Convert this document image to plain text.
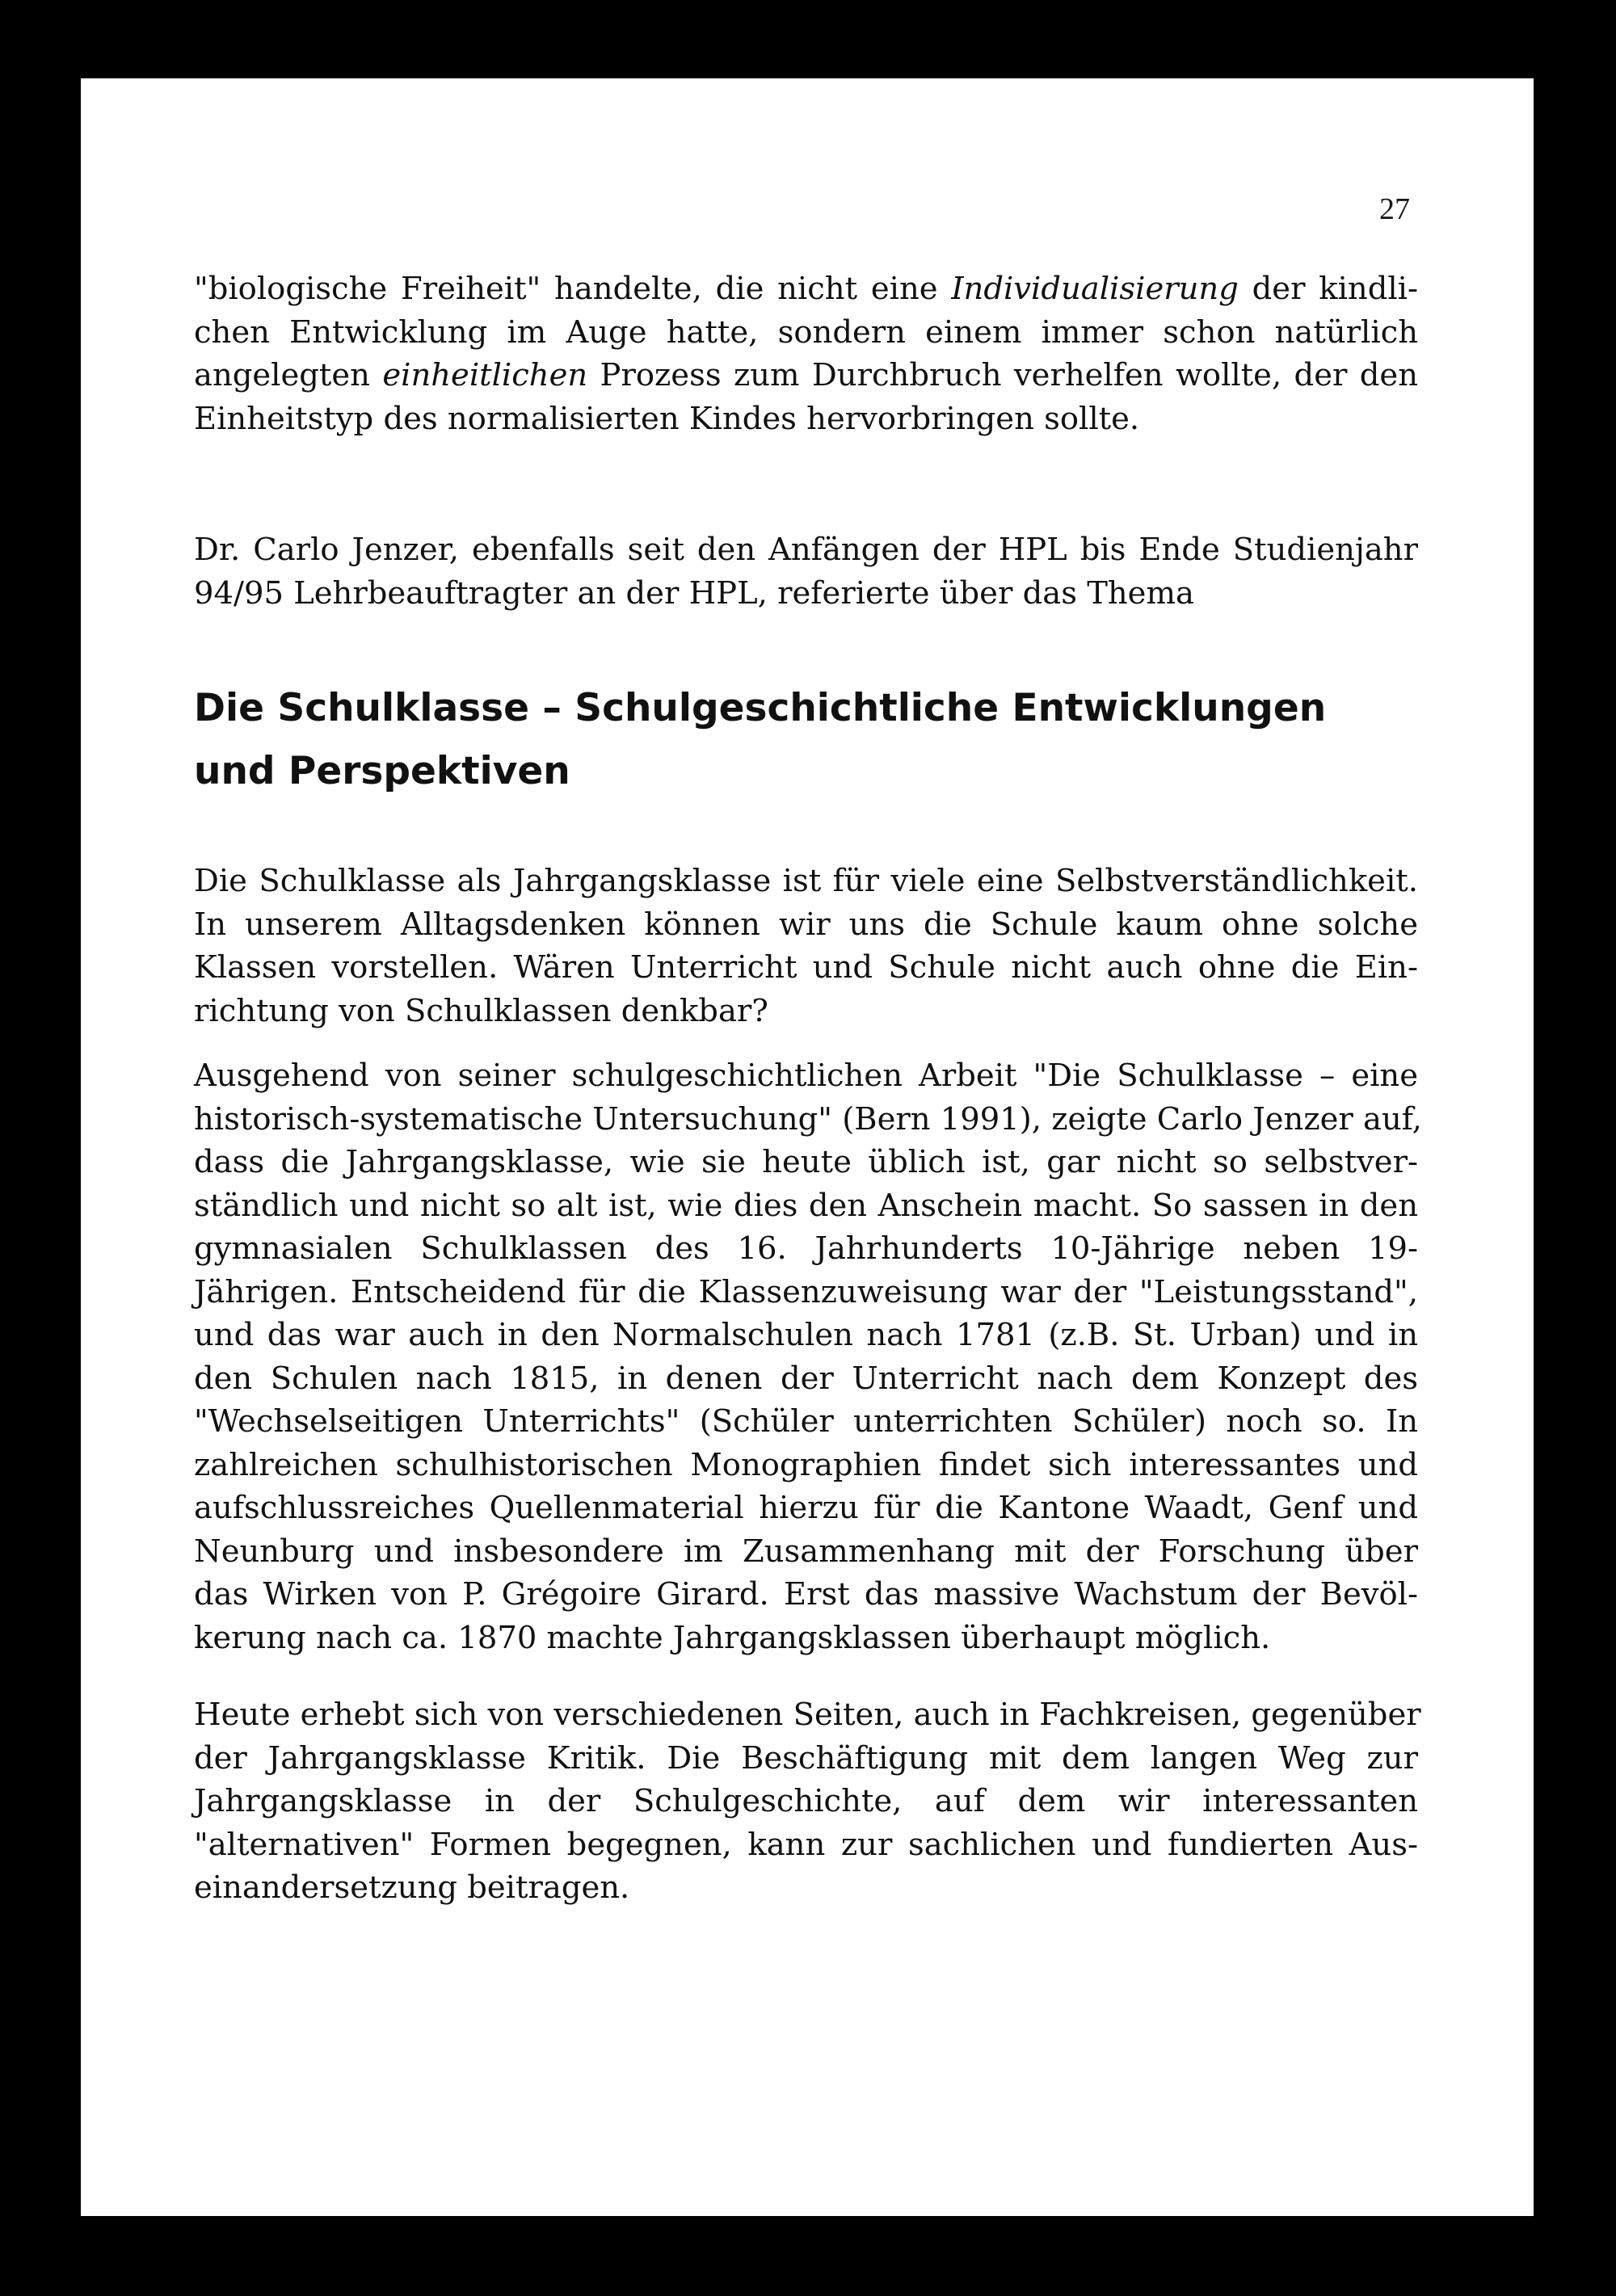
27
"biologische Freiheit" handelte, die nicht eine Individualisierung der kindli-
chen Entwicklung im Auge hatte, sondern einem immer schon natürlich
angelegten einheitlichen Prozess zum Durchbruch verhelfen wollte, der den
Einheitstyp des normalisierten Kindes hervorbringen sollte.
Dr. Carlo Jenzer, ebenfalls seit den Anfängen der HPL bis Ende Studienjahr
94/95 Lehrbeauftragter an der HPL, referierte über das Thema
Die Schulklasse – Schulgeschichtliche Entwicklungen
und Perspektiven
Die Schulklasse als Jahrgangsklasse ist für viele eine Selbstverständlichkeit.
In unserem Alltagsdenken können wir uns die Schule kaum ohne solche
Klassen vorstellen. Wären Unterricht und Schule nicht auch ohne die Ein-
richtung von Schulklassen denkbar?
Ausgehend von seiner schulgeschichtlichen Arbeit "Die Schulklasse – eine
historisch-systematische Untersuchung" (Bern 1991), zeigte Carlo Jenzer auf,
dass die Jahrgangsklasse, wie sie heute üblich ist, gar nicht so selbstver-
ständlich und nicht so alt ist, wie dies den Anschein macht. So sassen in den
gymnasialen Schulklassen des 16. Jahrhunderts 10-Jährige neben 19-
Jährigen. Entscheidend für die Klassenzuweisung war der "Leistungsstand",
und das war auch in den Normalschulen nach 1781 (z.B. St. Urban) und in
den Schulen nach 1815, in denen der Unterricht nach dem Konzept des
"Wechselseitigen Unterrichts" (Schüler unterrichten Schüler) noch so. In
zahlreichen schulhistorischen Monographien findet sich interessantes und
aufschlussreiches Quellenmaterial hierzu für die Kantone Waadt, Genf und
Neunburg und insbesondere im Zusammenhang mit der Forschung über
das Wirken von P. Grégoire Girard. Erst das massive Wachstum der Bevöl-
kerung nach ca. 1870 machte Jahrgangsklassen überhaupt möglich.
Heute erhebt sich von verschiedenen Seiten, auch in Fachkreisen, gegenüber
der Jahrgangsklasse Kritik. Die Beschäftigung mit dem langen Weg zur
Jahrgangsklasse in der Schulgeschichte, auf dem wir interessanten
"alternativen" Formen begegnen, kann zur sachlichen und fundierten Aus-
einandersetzung beitragen.
